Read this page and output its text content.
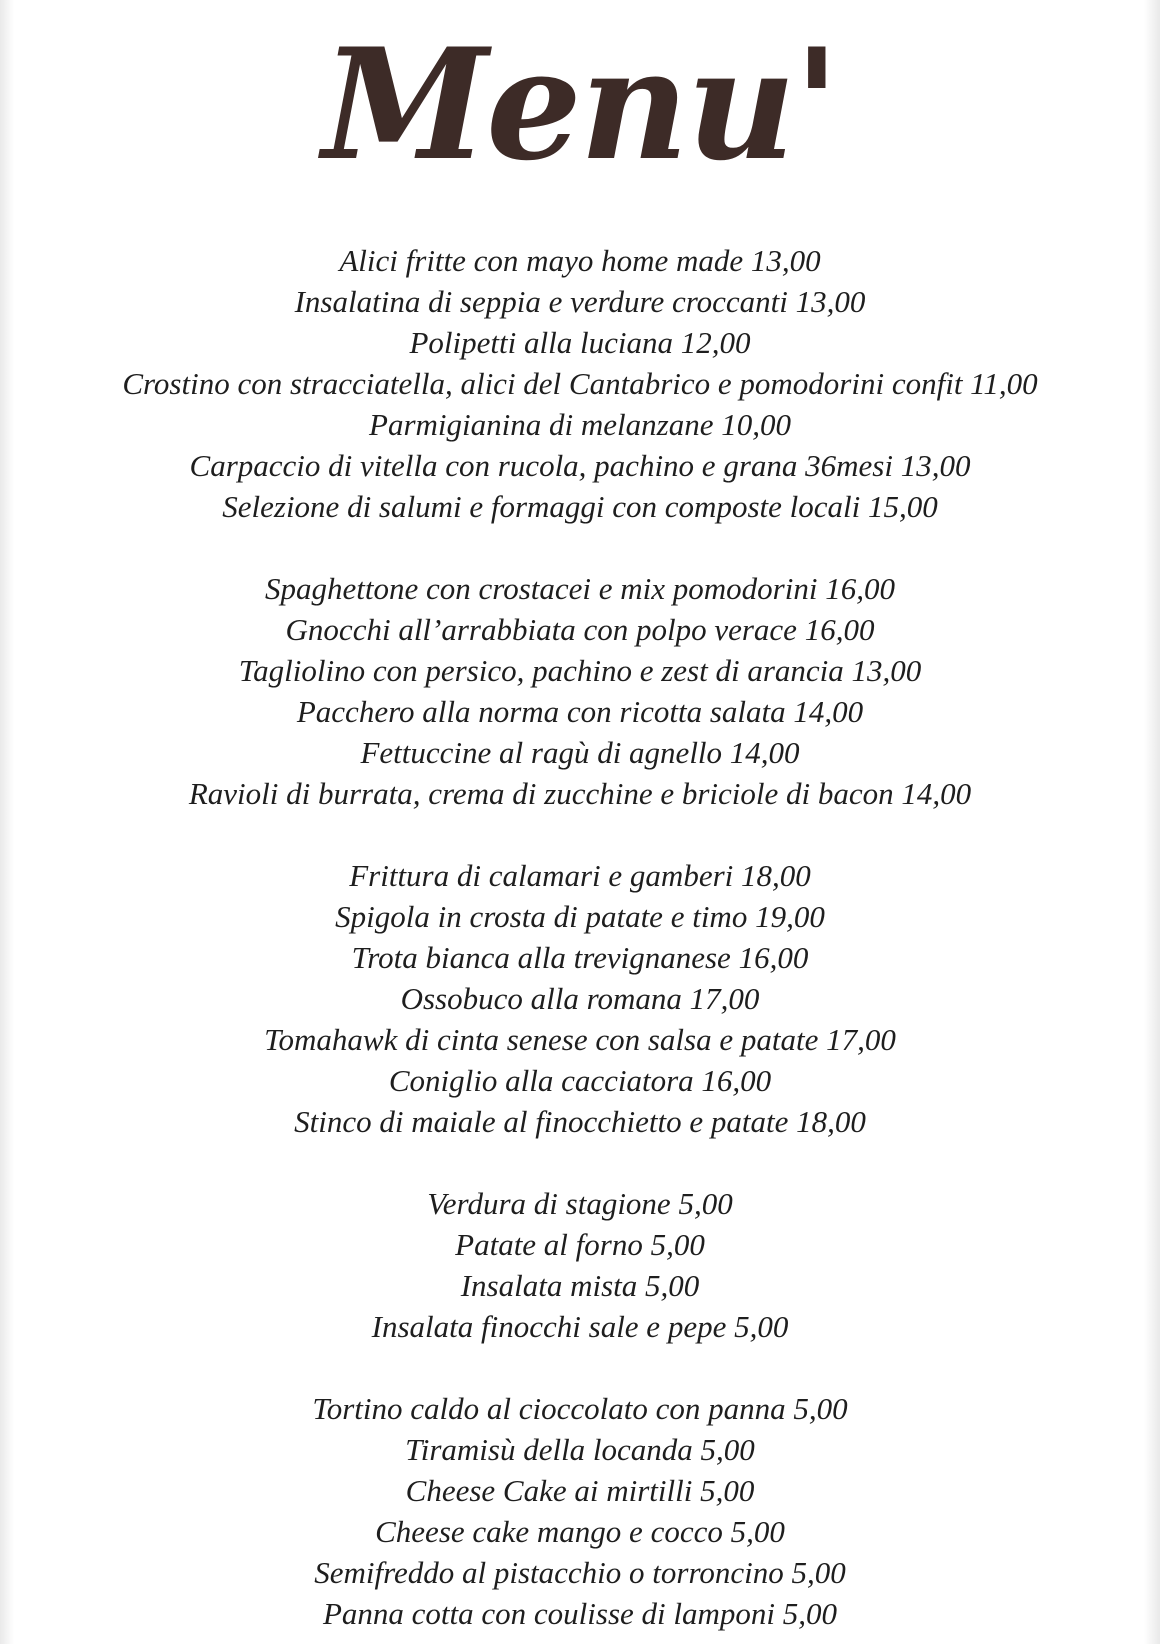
Menu'
Alici fritte con mayo home made 13,00
Insalatina di seppia e verdure croccanti 13,00
Polipetti alla luciana 12,00
Crostino con stracciatella, alici del Cantabrico e pomodorini confit 11,00
Parmigianina di melanzane 10,00
Carpaccio di vitella con rucola, pachino e grana 36mesi 13,00
Selezione di salumi e formaggi con composte locali 15,00
Spaghettone con crostacei e mix pomodorini 16,00
Gnocchi all’arrabbiata con polpo verace 16,00
Tagliolino con persico, pachino e zest di arancia 13,00
Pacchero alla norma con ricotta salata 14,00
Fettuccine al ragù di agnello 14,00
Ravioli di burrata, crema di zucchine e briciole di bacon 14,00
Frittura di calamari e gamberi 18,00
Spigola in crosta di patate e timo 19,00
Trota bianca alla trevignanese 16,00
Ossobuco alla romana 17,00
Tomahawk di cinta senese con salsa e patate 17,00
Coniglio alla cacciatora 16,00
Stinco di maiale al finocchietto e patate 18,00
Verdura di stagione 5,00
Patate al forno 5,00
Insalata mista 5,00
Insalata finocchi sale e pepe 5,00
Tortino caldo al cioccolato con panna 5,00
Tiramisù della locanda 5,00
Cheese Cake ai mirtilli 5,00
Cheese cake mango e cocco 5,00
Semifreddo al pistacchio o torroncino 5,00
Panna cotta con coulisse di lamponi 5,00
